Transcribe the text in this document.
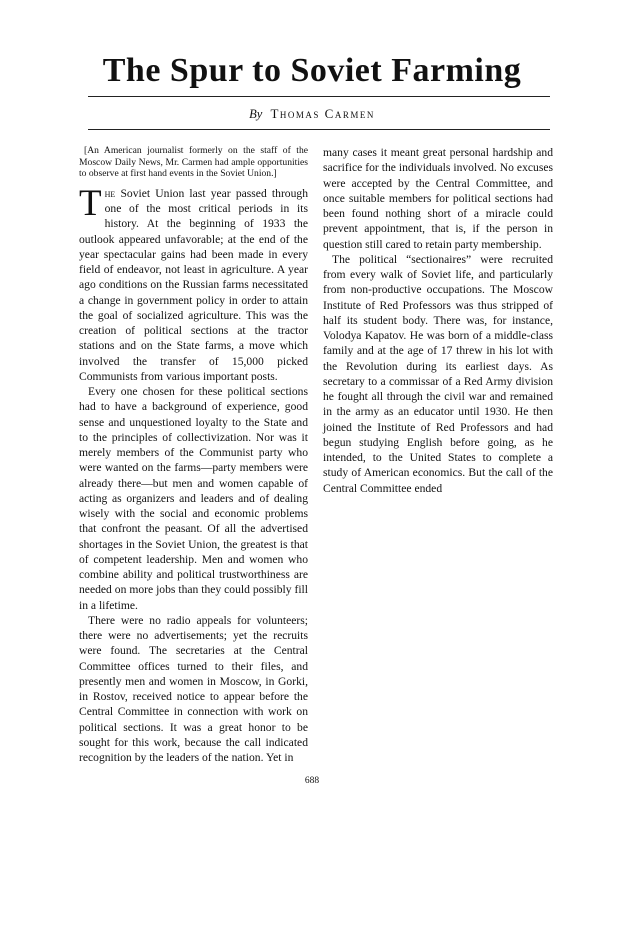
The Spur to Soviet Farming
By Thomas Carmen

[An American journalist formerly on the staff of the Moscow Daily News, Mr. Carmen had ample opportunities to observe at first hand events in the Soviet Union.]

The Soviet Union last year passed through one of the most critical periods in its history. At the beginning of 1933 the outlook appeared unfavorable; at the end of the year spectacular gains had been made in every field of endeavor, not least in agriculture. A year ago conditions on the Russian farms necessitated a change in government policy in order to attain the goal of socialized agriculture. This was the creation of political sections at the tractor stations and on the State farms, a move which involved the transfer of 15,000 picked Communists from various important posts.

Every one chosen for these political sections had to have a background of experience, good sense and unquestioned loyalty to the State and to the principles of collectivization. Nor was it merely members of the Communist party who were wanted on the farms—party members were already there—but men and women capable of acting as organizers and leaders and of dealing wisely with the social and economic problems that confront the peasant. Of all the advertised shortages in the Soviet Union, the greatest is that of competent leadership. Men and women who combine ability and political trustworthiness are needed on more jobs than they could possibly fill in a lifetime.

There were no radio appeals for volunteers; there were no advertisements; yet the recruits were found. The secretaries at the Central Committee offices turned to their files, and presently men and women in Moscow, in Gorki, in Rostov, received notice to appear before the Central Committee in connection with work on political sections. It was a great honor to be sought for this work, because the call indicated recognition by the leaders of the nation. Yet in

many cases it meant great personal hardship and sacrifice for the individuals involved. No excuses were accepted by the Central Committee, and once suitable members for political sections had been found nothing short of a miracle could prevent appointment, that is, if the person in question still cared to retain party membership.

The political “sectionaires” were recruited from every walk of Soviet life, and particularly from non-productive occupations. The Moscow Institute of Red Professors was thus stripped of half its student body. There was, for instance, Volodya Kapatov. He was born of a middle-class family and at the age of 17 threw in his lot with the Revolution during its earliest days. As secretary to a commissar of a Red Army division he fought all through the civil war and remained in the army as an educator until 1930. He then joined the Institute of Red Professors and had begun studying English before going, as he intended, to the United States to complete a study of American economics. But the call of the Central Committee ended

688
